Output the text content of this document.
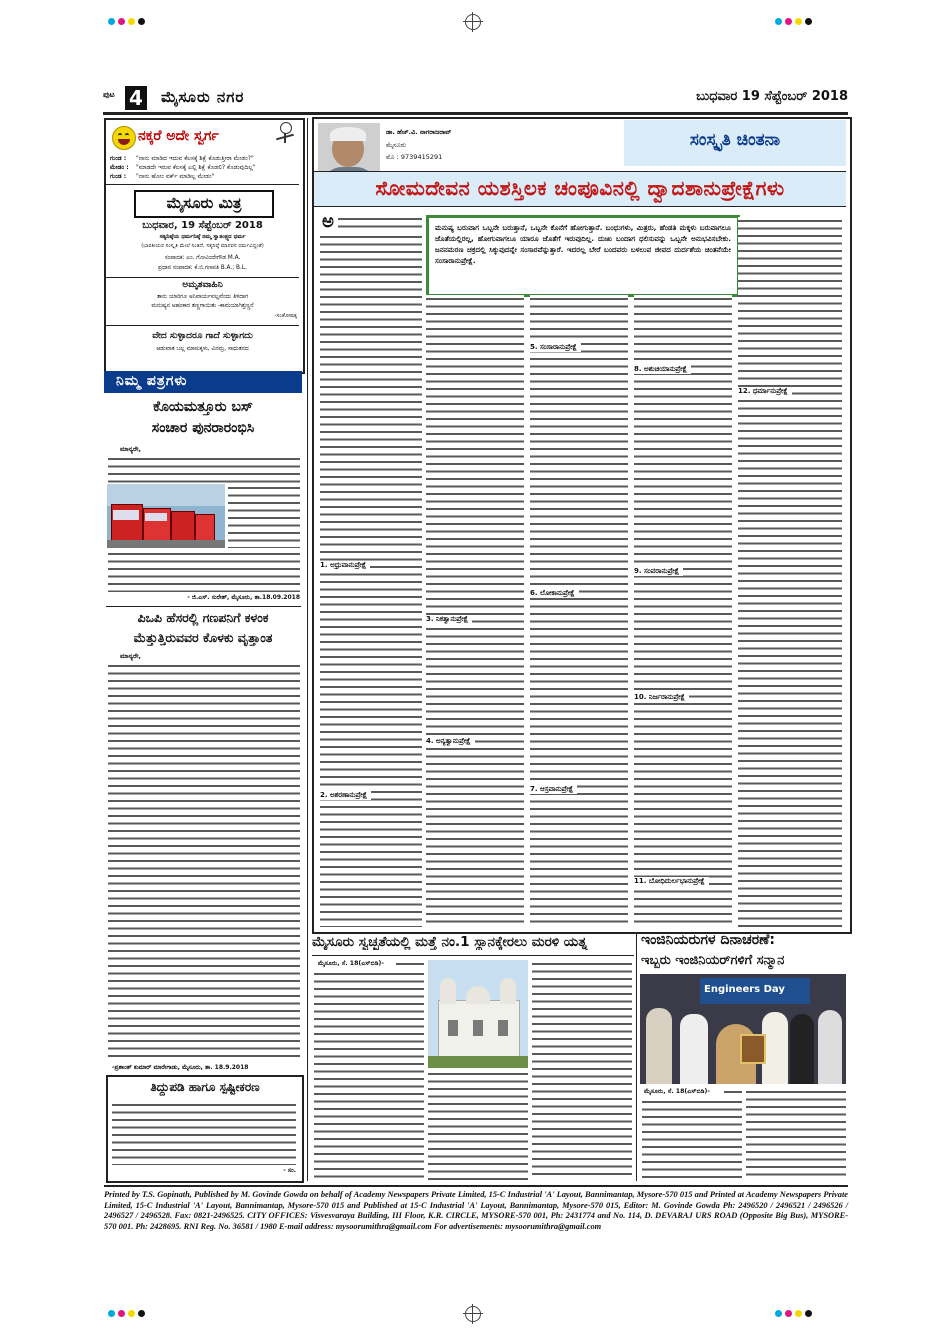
ಪುಟ 4 ಮೈಸೂರು ನಗರ	ಬುಧವಾರ 19 ಸೆಪ್ಟೆಂಬರ್ 2018
ನಕ್ಕರೆ ಅದೇ ಸ್ವರ್ಗ
ಗುಂಡ :	"ನಾನು ಮಾಡಿದ ಇದುವ ಕೆಲಸಕ್ಕೆ ಶಿಕ್ಷೆ ಕೊಡುತ್ತೀರಾ ಮೇಡಂ?"
ಮೇಡಂ :	"ಮಾಡದೇ ಇರುವ ಕೆಲಸಕ್ಕೆ ಎಲ್ಲಿ ಶಿಕ್ಷೆ ಕೊಡಲಿ? ಕೊಡುವುದಿಲ್ಲ"
ಗುಂಡ :	"ನಾನು ಹೋಂ ವರ್ಕ್ ಮಾಡಿಲ್ಲ ಮೇಡಂ"
ಮೈಸೂರು ಮಿತ್ರ
ಬುಧವಾರ, 19 ಸೆಪ್ಟೆಂಬರ್ 2018
ಸತ್ಯನಿಷ್ಠೆಯ ಧರ್ಮನಿಷ್ಠೆ ನಮ್ಮ ಸ್ವಾತಂತ್ರ್ಯದ ಧರ್ಮ
(ಭಾರತೀಯರ ಸಂಸ್ಕೃತಿ ಮೇಲೆ ನಿಂತಿದೆ, ಸತ್ಯನಿಷ್ಠೆ ಮಾನವನ ಧರ್ಮವಿದ್ದಂತೆ)
ಸಂಪಾದಕ: ಎಂ. ಗೋವಿಂದೇಗೌಡ M.A.
ಪ್ರಧಾನ ಸಂಪಾದಕ: ಕೆ.ಬಿ.ಗಣಪತಿ B.A.; B.L.
ಅಮೃತವಾಹಿನಿ
ತಾನು ಯಾರಿಗೂ ಅನಿವಾರ್ಯವಲ್ಲವೆಂದು ತಿಳಿದಾಗ
ಮನುಷ್ಯನ ಅಹಂಕಾರ ತಣ್ಣಗಾಯಿತು -ಕಾಮಯಾಗಿತ್ತಣ್ಣನೆ
-ಸಂತೋಷಕ್ಕ
ವೇದ ಸುಳ್ಳಾದರೂ ಗಾದೆ ಸುಳ್ಳಾಗದು
ಆಡುವಾತ ಬಲ್ಲ ಮಾಮಕ್ಕಳು, ವಿನಮ್ರ, ಸಾಧುತನದ
ನಿಮ್ಮ ಪತ್ರಗಳು
ಕೊಯಮತ್ತೂರು ಬಸ್
ಸಂಚಾರ ಪುನರಾರಂಭಿಸಿ
ಮಾನ್ಯರೇ,
- ಜಿ.ಎಸ್. ಸುರೇಶ್, ಮೈಸೂರು, ತಾ.18.09.2018
ಪಿಒಪಿ ಹೆಸರಲ್ಲಿ ಗಣಪನಿಗೆ ಕಳಂಕ
ಮೆತ್ತುತ್ತಿರುವವರ ಕೊಳಕು ವೃತ್ತಾಂತ
ಮಾನ್ಯರೇ,
-ಪ್ರಶಾಂತ್ ಕುಮಾರ್ ಮಾರೇಗಾಡು, ಮೈಸೂರು, ತಾ. 18.9.2018
ತಿದ್ದುಪಡಿ ಹಾಗೂ ಸ್ಪಷ್ಟೀಕರಣ
- ಸಂ.
ಡಾ. ಹೆಚ್.ವಿ. ನಾಗರಾಜರಾವ್
ಮೈಸೂರು
ಮೊ : 9739415291
ಸಂಸ್ಕೃತಿ ಚಿಂತನಾ
ಸೋಮದೇವನ ಯಶಸ್ತಿಲಕ ಚಂಪೂವಿನಲ್ಲಿ ದ್ವಾದಶಾನುಪ್ರೇಕ್ಷೆಗಳು
ಅ	ಮನುಷ್ಯ ಬರುವಾಗ ಒಬ್ಬನೇ ಬರುತ್ತಾನೆ, ಒಬ್ಬನೇ ಕೊನೆಗೆ ಹೋಗುತ್ತಾನೆ. ಬಂಧುಗಳು, ಮಿತ್ರರು, ಹೆಂಡತಿ ಮಕ್ಕಳು ಬರುವಾಗಲೂ ಜೊತೆಯಲ್ಲಿರಲ್ಲ, ಹೋಗುವಾಗಲೂ ಯಾರೂ ಜೊತೆಗೆ ಇರುವುದಿಲ್ಲ. ದುಃಖ ಬಂದಾಗ ಧಲಿಸುವನ್ನು ಒಬ್ಬನೇ ಅನುಭವಿಸಬೇಕು. ಜನನಮರಣ ಚಕ್ರದಲ್ಲಿ ಸಿಕ್ಕುವುದನ್ನೇ ಸಂಸಾರವೆನ್ನುತ್ತಾರೆ. ಇದರಲ್ಲ ಬೇರೆ ಬಂದವರು ಬಳಲುವ ಜೀವದ ದುರ್ದಶೆಯ ಚಿಂತನೆಯೇ ಸಂಸಾರಾನುಪ್ರೇಕ್ಷೆ.
1. ಅಧ್ರುವಾನುಪ್ರೇಕ್ಷೆ
2. ಅಶರಣಾನುಪ್ರೇಕ್ಷೆ
3. ನಿಕತ್ವಾನುಪ್ರೇಕ್ಷೆ
4. ಅನ್ಯತ್ವಾನುಪ್ರೇಕ್ಷೆ
5. ಸಂಸಾರಾನುಪ್ರೇಕ್ಷೆ
6. ಲೋಕಾನುಪ್ರೇಕ್ಷೆ
7. ಆಸ್ರವಾನುಪ್ರೇಕ್ಷೆ
8. ಅಶುಚಿಯಾನುಪ್ರೇಕ್ಷೆ
9. ಸಂವರಾನುಪ್ರೇಕ್ಷೆ
10. ನಿರ್ಜರಾನುಪ್ರೇಕ್ಷೆ
11. ಬೋಧಿದುರ್ಲಭಾನುಪ್ರೇಕ್ಷೆ
12. ಧರ್ಮಾನುಪ್ರೇಕ್ಷೆ
ಮೈಸೂರು ಸ್ವಚ್ಛತೆಯಲ್ಲಿ ಮತ್ತೆ ನಂ.1 ಸ್ಥಾನಕ್ಕೇರಲು ಮರಳಿ ಯತ್ನ
ಮೈಸೂರು, ಸೆ. 18(ಎಸ್‌ಬಿಡಿ)-
ಇಂಜಿನಿಯರುಗಳ ದಿನಾಚರಣೆ:
ಇಬ್ಬರು ಇಂಜಿನಿಯರ್‌ಗಳಿಗೆ ಸನ್ಮಾನ
Engineers Day
ಮೈಸೂರು, ಸೆ. 18(ಎಸ್‌ಬಿಡಿ)-
Printed by T.S. Gopinath, Published by M. Govinde Gowda on behalf of Academy Newspapers Private Limited, 15-C Industrial 'A' Layout, Bannimantap, Mysore-570 015 and Printed at Academy Newspapers Private Limited, 15-C Industrial 'A' Layout, Bannimantap, Mysore-570 015 and Published at 15-C Industrial 'A' Layout, Bannimantap, Mysore-570 015, Editor: M. Govinde Gowda Ph: 2496520 / 2496521 / 2496526 / 2496527 / 2496528. Fax: 0821-2496525. CITY OFFICES: Visvesvaraya Building, III Floor, K.R. CIRCLE, MYSORE-570 001, Ph: 2431774 and No. 114, D. DEVARAJ URS ROAD (Opposite Big Bus), MYSORE-570 001. Ph: 2428695. RNI Reg. No. 36581 / 1980 E-mail address: mysoorumithra@gmail.com For advertisements: mysoorumithra@gmail.com
